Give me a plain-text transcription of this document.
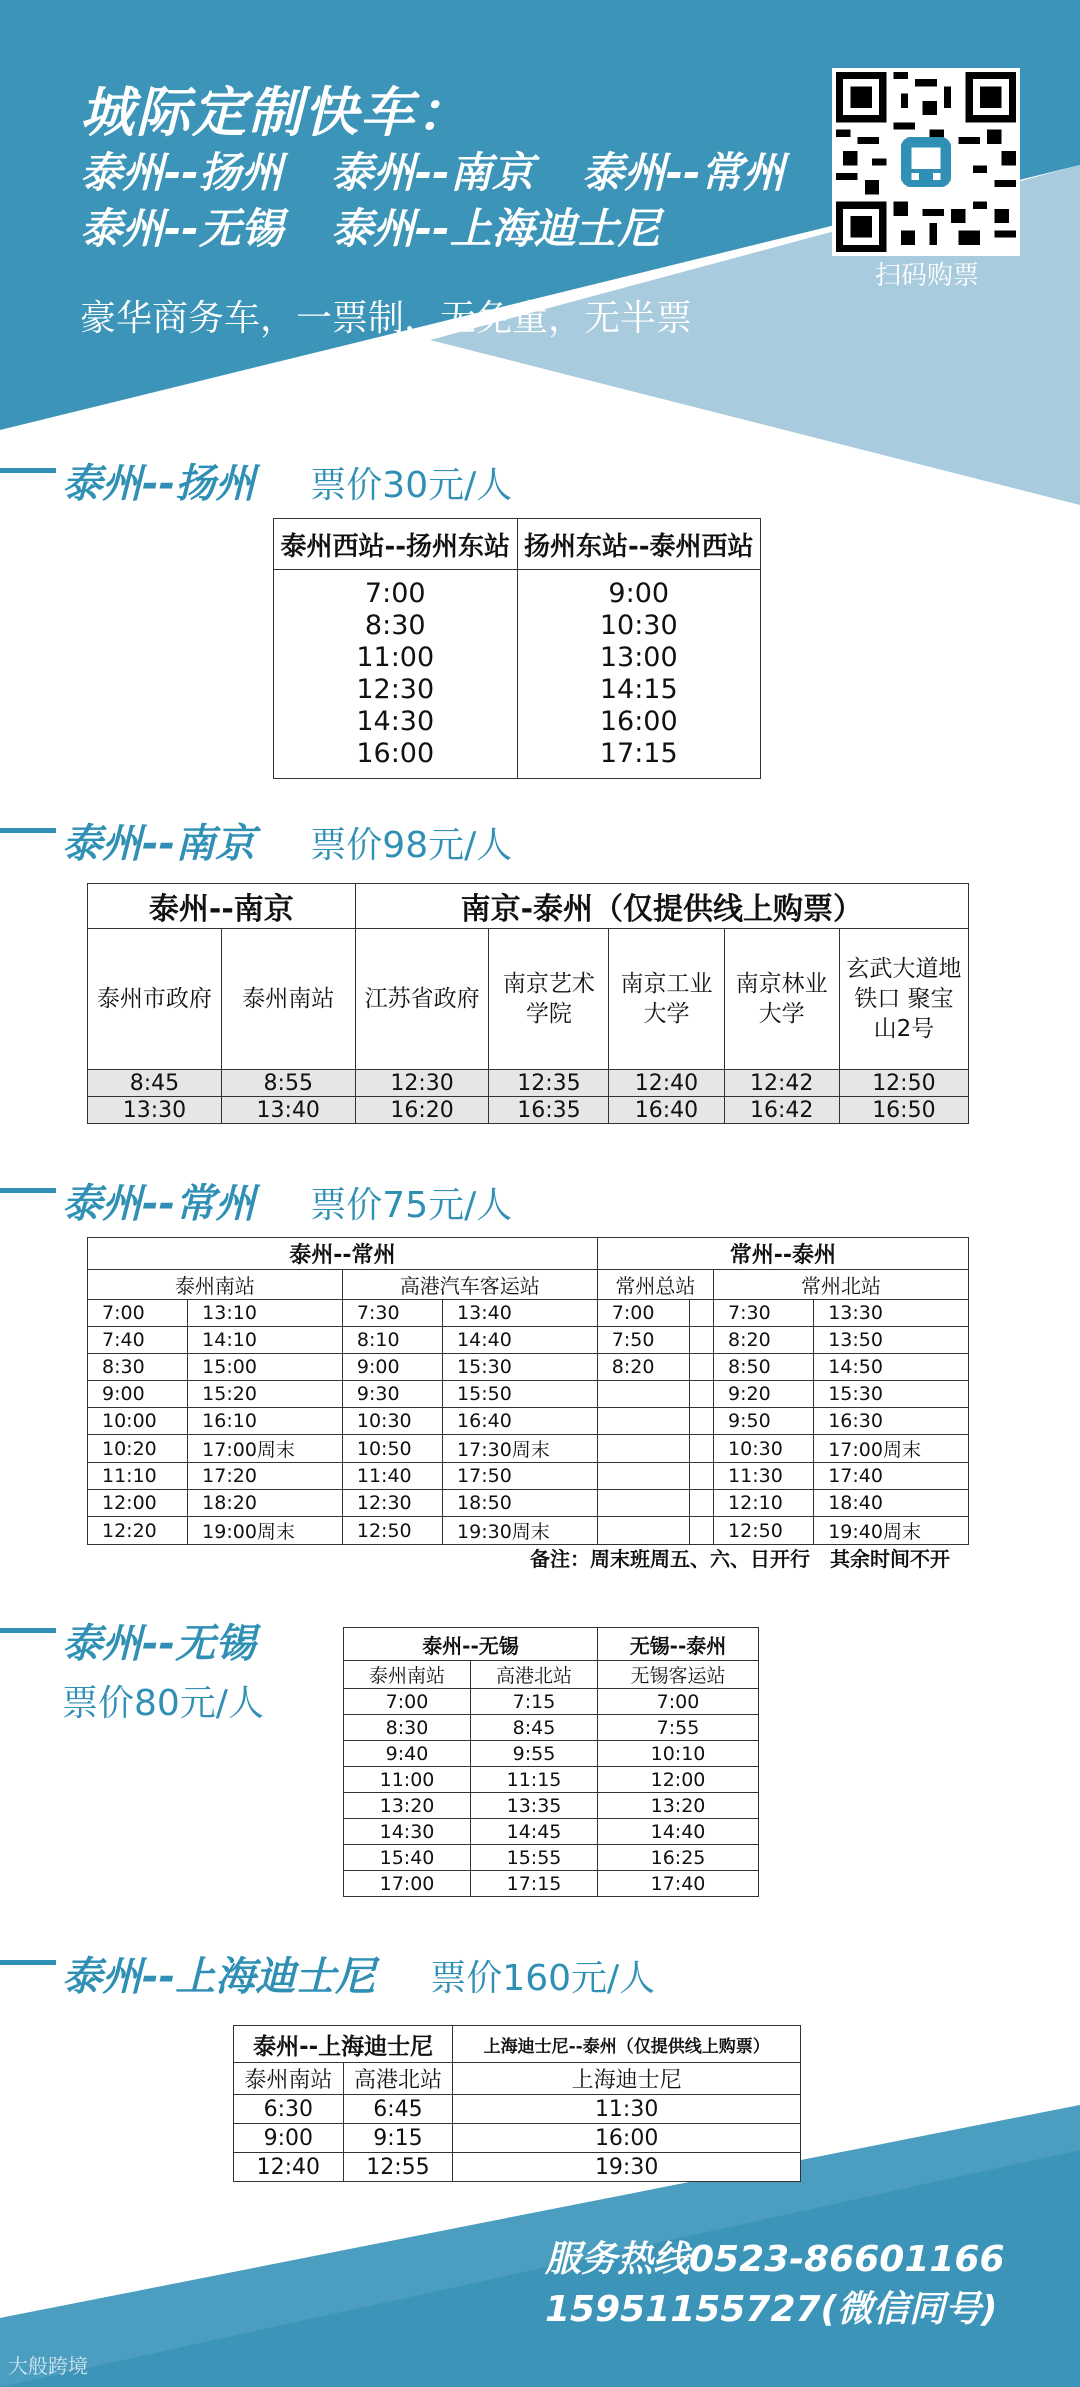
城际定制快车：
泰州--扬州 泰州--南京 泰州--常州
泰州--无锡 泰州--上海迪士尼
豪华商务车，一票制，无免童，无半票
扫码购票
泰州--扬州 票价30元/人
泰州西站--扬州东站	扬州东站--泰州西站
7:00	9:00
8:30	10:30
11:00	13:00
12:30	14:15
14:30	16:00
16:00	17:15
泰州--南京 票价98元/人
泰州--南京		南京-泰州（仅提供线上购票）				
泰州市政府	泰州南站	江苏省政府	南京艺术学院	南京工业大学	南京林业大学	玄武大道地铁口 聚宝山2号
8:45	8:55	12:30	12:35	12:40	12:42	12:50
13:30	13:40	16:20	16:35	16:40	16:42	16:50
泰州--常州 票价75元/人
泰州--常州				常州--泰州			
泰州南站		高港汽车客运站		常州总站		常州北站	
7:00	13:10	7:30	13:40	7:00		7:30	13:30
7:40	14:10	8:10	14:40	7:50		8:20	13:50
8:30	15:00	9:00	15:30	8:20		8:50	14:50
9:00	15:20	9:30	15:50			9:20	15:30
10:00	16:10	10:30	16:40			9:50	16:30
10:20	17:00周末	10:50	17:30周末			10:30	17:00周末
11:10	17:20	11:40	17:50			11:30	17:40
12:00	18:20	12:30	18:50			12:10	18:40
12:20	19:00周末	12:50	19:30周末			12:50	19:40周末
备注：周末班周五、六、日开行　其余时间不开
泰州--无锡
票价80元/人
泰州--无锡		无锡--泰州
泰州南站	高港北站	无锡客运站
7:00	7:15	7:00
8:30	8:45	7:55
9:40	9:55	10:10
11:00	11:15	12:00
13:20	13:35	13:20
14:30	14:45	14:40
15:40	15:55	16:25
17:00	17:15	17:40
泰州--上海迪士尼 票价160元/人
泰州--上海迪士尼		上海迪士尼--泰州（仅提供线上购票）
泰州南站	高港北站	上海迪士尼
6:30	6:45	11:30
9:00	9:15	16:00
12:40	12:55	19:30
服务热线0523-86601166
15951155727(微信同号)
大般跨境
